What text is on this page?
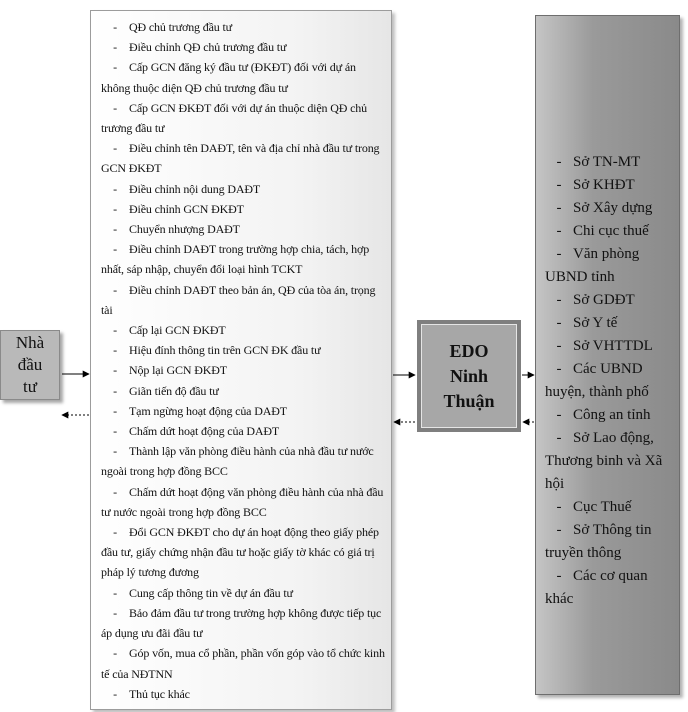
Nhà
đầu
tư
- QĐ chủ trương đầu tư
- Điều chỉnh QĐ chủ trương đầu tư
- Cấp GCN đăng ký đầu tư (ĐKĐT) đối với dự án không thuộc diện QĐ chủ trương đầu tư
- Cấp GCN ĐKĐT đối với dự án thuộc diện QĐ chủ trương đầu tư
- Điều chỉnh tên DAĐT, tên và địa chỉ nhà đầu tư trong GCN ĐKĐT
- Điều chỉnh nội dung DAĐT
- Điều chỉnh GCN ĐKĐT
- Chuyển nhượng DAĐT
- Điều chỉnh DAĐT trong trường hợp chia, tách, hợp nhất, sáp nhập, chuyển đổi loại hình TCKT
- Điều chỉnh DAĐT theo bản án, QĐ của tòa án, trọng tài
- Cấp lại GCN ĐKĐT
- Hiệu đính thông tin trên GCN ĐK đầu tư
- Nộp lại GCN ĐKĐT
- Giãn tiến độ đầu tư
- Tạm ngừng hoạt động của DAĐT
- Chấm dứt hoạt động của DAĐT
- Thành lập văn phòng điều hành của nhà đầu tư nước ngoài trong hợp đồng BCC
- Chấm dứt hoạt động văn phòng điều hành của nhà đầu tư nước ngoài trong hợp đồng BCC
- Đổi GCN ĐKĐT cho dự án hoạt động theo giấy phép đầu tư, giấy chứng nhận đầu tư hoặc giấy tờ khác có giá trị pháp lý tương đương
- Cung cấp thông tin về dự án đầu tư
- Bảo đảm đầu tư trong trường hợp không được tiếp tục áp dụng ưu đãi đầu tư
- Góp vốn, mua cổ phần, phần vốn góp vào tổ chức kinh tế của NĐTNN
- Thủ tục khác
EDO
Ninh
Thuận
- Sở TN-MT
- Sở KHĐT
- Sở Xây dựng
- Chi cục thuế
- Văn phòng UBND tỉnh
- Sở GDĐT
- Sở Y tế
- Sở VHTTDL
- Các UBND huyện, thành phố
- Công an tỉnh
- Sở Lao động, Thương binh và Xã hội
- Cục Thuế
- Sở Thông tin truyền thông
- Các cơ quan khác
